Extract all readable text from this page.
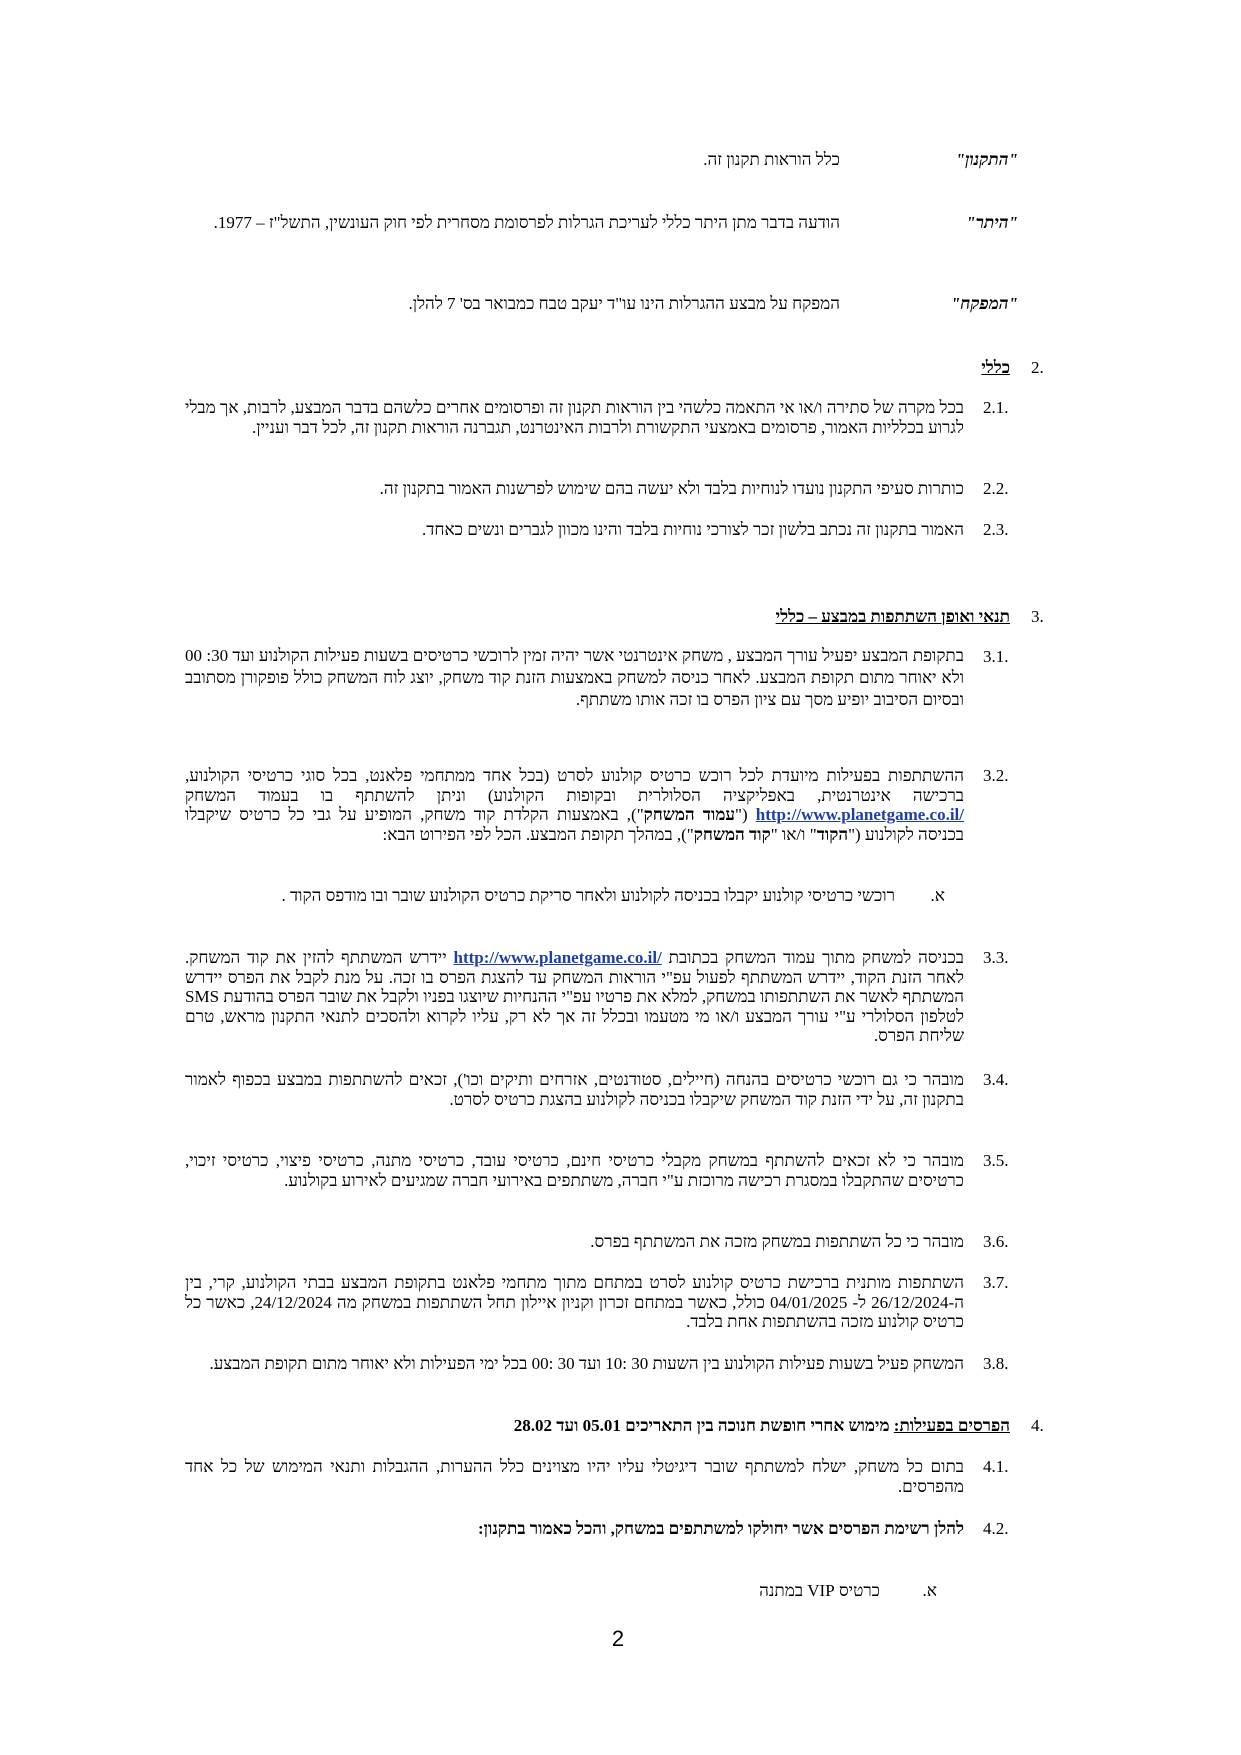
"התקנון"
כלל הוראות תקנון זה.
"היתר"
הודעה בדבר מתן היתר כללי לעריכת הגרלות לפרסומת מסחרית לפי חוק העונשין, התשל"ז – 1977.
"המפקח"
המפקח על מבצע ההגרלות הינו עו"ד יעקב טבח כמבואר בס' 7 להלן.
2.
כללי
2.1.
בכל מקרה של סתירה ו/או אי התאמה כלשהי בין הוראות תקנון זה ופרסומים אחרים כלשהם בדבר המבצע, לרבות, אך מבלי לגרוע בכלליות האמור, פרסומים באמצעי התקשורת ולרבות האינטרנט, תגברנה הוראות תקנון זה, לכל דבר ועניין.
2.2.
כותרות סעיפי התקנון נועדו לנוחיות בלבד ולא יעשה בהם שימוש לפרשנות האמור בתקנון זה.
2.3.
האמור בתקנון זה נכתב בלשון זכר לצורכי נוחיות בלבד והינו מכוון לגברים ונשים כאחד.
3.
תנאי ואופן השתתפות במבצע – כללי
3.1.
בתקופת המבצע יפעיל עורך המבצע , משחק אינטרנטי אשר יהיה זמין לרוכשי כרטיסים בשעות פעילות הקולנוע ועד 30: 00 ולא יאוחר מתום תקופת המבצע. לאחר כניסה למשחק באמצעות הזנת קוד משחק, יוצג לוח המשחק כולל פופקורן מסתובב ובסיום הסיבוב יופיע מסך עם ציון הפרס בו זכה אותו משתתף.
3.2.
ההשתתפות בפעילות מיועדת לכל רוכש כרטיס קולנוע לסרט (בכל אחד ממתחמי פלאנט, בכל סוגי כרטיסי הקולנוע, ברכישה אינטרנטית, באפליקציה הסלולרית ובקופות הקולנוע) וניתן להשתתף בו בעמוד המשחק http://www.planetgame.co.il/ ("עמוד המשחק"), באמצעות הקלדת קוד משחק, המופיע על גבי כל כרטיס שיקבלו בכניסה לקולנוע ("הקוד" ו/או "קוד המשחק"), במהלך תקופת המבצע. הכל לפי הפירוט הבא:
א.
רוכשי כרטיסי קולנוע יקבלו בכניסה לקולנוע ולאחר סריקת כרטיס הקולנוע שובר ובו מודפס הקוד .
3.3.
בכניסה למשחק מתוך עמוד המשחק בכתובת http://www.planetgame.co.il/ יידרש המשתתף להזין את קוד המשחק. לאחר הזנת הקוד, יידרש המשתתף לפעול עפ"י הוראות המשחק עד להצגת הפרס בו זכה. על מנת לקבל את הפרס יידרש המשתתף לאשר את השתתפותו במשחק, למלא את פרטיו עפ"י ההנחיות שיוצגו בפניו ולקבל את שובר הפרס בהודעת SMS לטלפון הסלולרי ע"י עורך המבצע ו/או מי מטעמו ובכלל זה אך לא רק, עליו לקרוא ולהסכים לתנאי התקנון מראש, טרם שליחת הפרס.
3.4.
מובהר כי גם רוכשי כרטיסים בהנחה (חיילים, סטודנטים, אזרחים ותיקים וכו'), זכאים להשתתפות במבצע בכפוף לאמור בתקנון זה, על ידי הזנת קוד המשחק שיקבלו בכניסה לקולנוע בהצגת כרטיס לסרט.
3.5.
מובהר כי לא זכאים להשתתף במשחק מקבלי כרטיסי חינם, כרטיסי עובד, כרטיסי מתנה, כרטיסי פיצוי, כרטיסי זיכוי, כרטיסים שהתקבלו במסגרת רכישה מרוכזת ע"י חברה, משתתפים באירועי חברה שמגיעים לאירוע בקולנוע.
3.6.
מובהר כי כל השתתפות במשחק מזכה את המשתתף בפרס.
3.7.
השתתפות מותנית ברכישת כרטיס קולנוע לסרט במתחם מתוך מתחמי פלאנט בתקופת המבצע בבתי הקולנוע, קרי, בין ה-26/12/2024 ל- 04/01/2025 כולל, כאשר במתחם זכרון וקניון איילון תחל השתתפות במשחק מה 24/12/2024, כאשר כל כרטיס קולנוע מזכה בהשתתפות אחת בלבד.
3.8.
המשחק פעיל בשעות פעילות הקולנוע בין השעות 30 :10 ועד 30 :00 בכל ימי הפעילות ולא יאוחר מתום תקופת המבצע.
4.
הפרסים בפעילות: מימוש אחרי חופשת חנוכה בין התאריכים 05.01 ועד 28.02
4.1.
בתום כל משחק, ישלח למשתתף שובר דיגיטלי עליו יהיו מצוינים כלל ההערות, ההגבלות ותנאי המימוש של כל אחד מהפרסים.
4.2.
להלן רשימת הפרסים אשר יחולקו למשתתפים במשחק, והכל כאמור בתקנון:
א.
כרטיס VIP במתנה
2
